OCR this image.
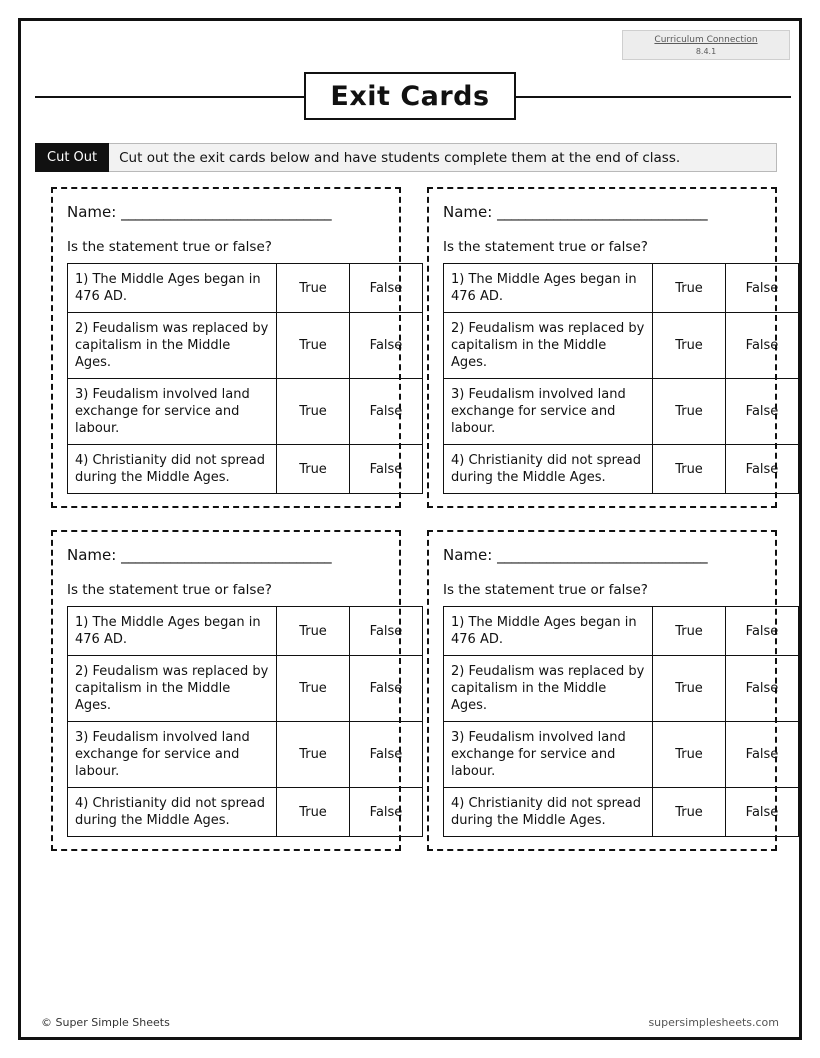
Curriculum Connection
8.4.1
Exit Cards
Cut Out	Cut out the exit cards below and have students complete them at the end of class.
Name: ______________________________
Is the statement true or false?
1) The Middle Ages began in 476 AD.	True	False
2) Feudalism was replaced by capitalism in the Middle Ages.	True	False
3) Feudalism involved land exchange for service and labour.	True	False
4) Christianity did not spread during the Middle Ages.	True	False
Name: ______________________________
Is the statement true or false?
1) The Middle Ages began in 476 AD.	True	False
2) Feudalism was replaced by capitalism in the Middle Ages.	True	False
3) Feudalism involved land exchange for service and labour.	True	False
4) Christianity did not spread during the Middle Ages.	True	False
Name: ______________________________
Is the statement true or false?
1) The Middle Ages began in 476 AD.	True	False
2) Feudalism was replaced by capitalism in the Middle Ages.	True	False
3) Feudalism involved land exchange for service and labour.	True	False
4) Christianity did not spread during the Middle Ages.	True	False
Name: ______________________________
Is the statement true or false?
1) The Middle Ages began in 476 AD.	True	False
2) Feudalism was replaced by capitalism in the Middle Ages.	True	False
3) Feudalism involved land exchange for service and labour.	True	False
4) Christianity did not spread during the Middle Ages.	True	False
© Super Simple Sheets	supersimplesheets.com
